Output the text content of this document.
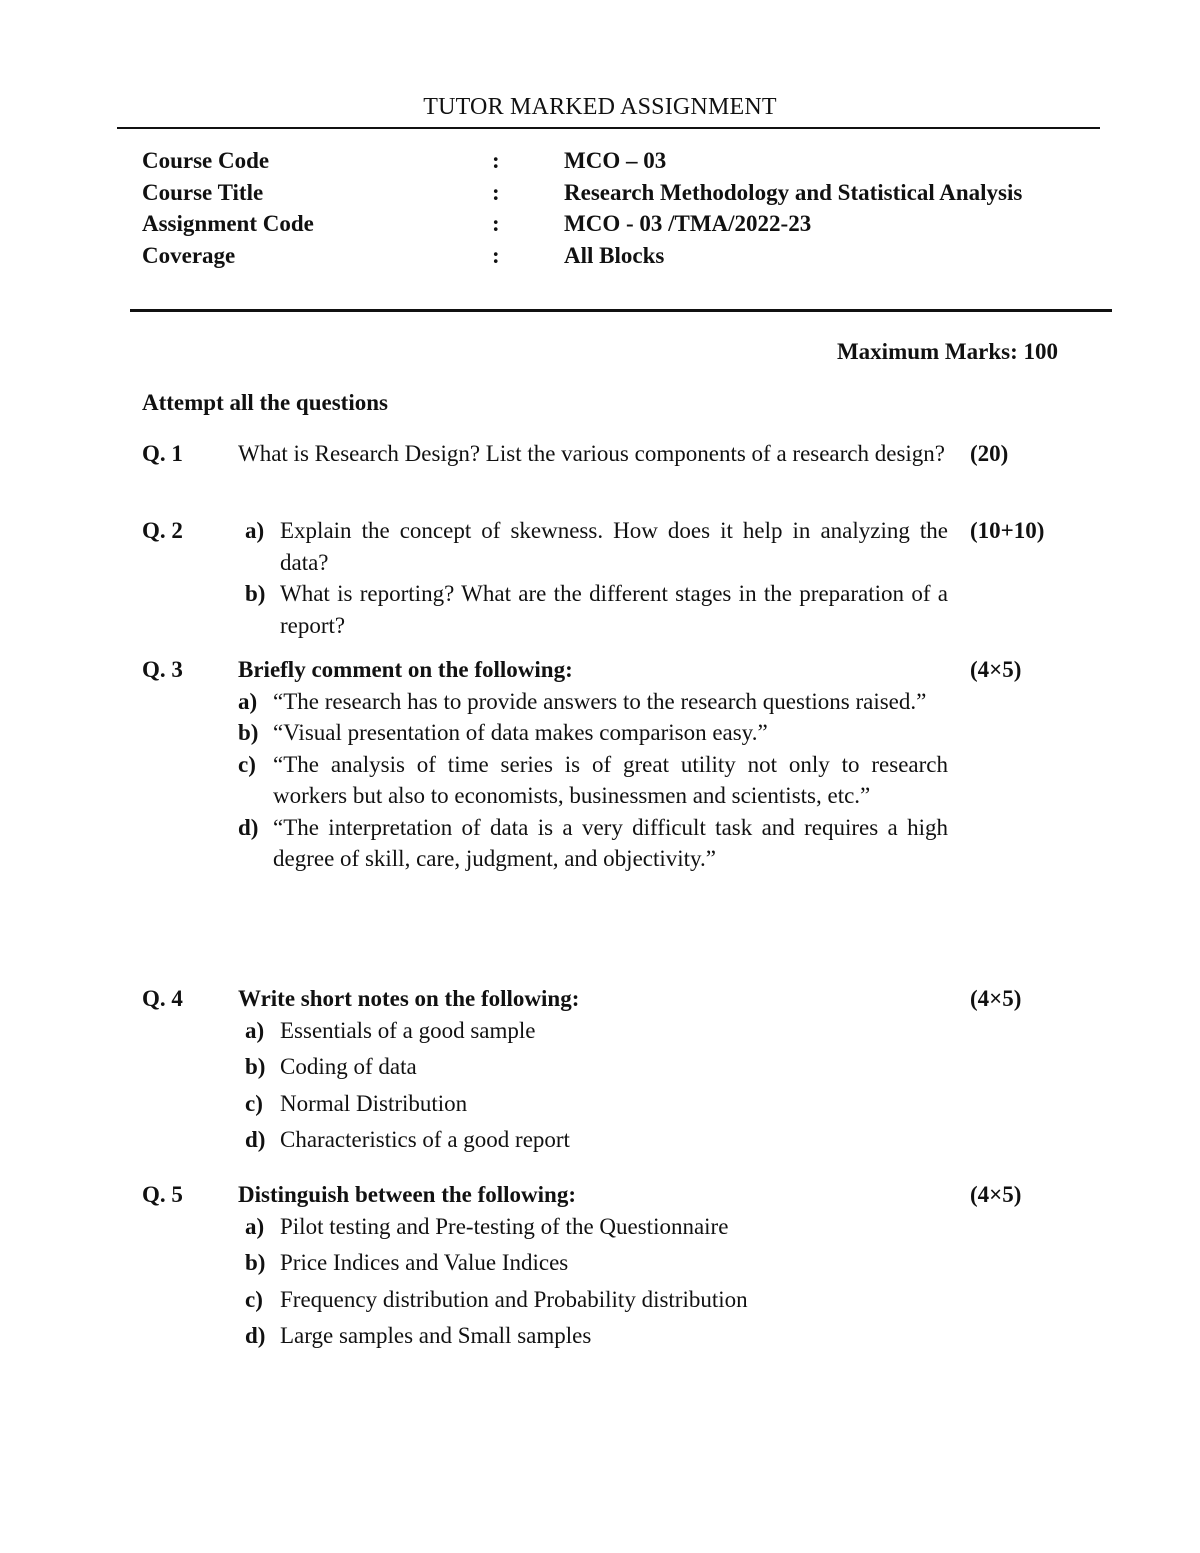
TUTOR MARKED ASSIGNMENT
Course Code	:	MCO – 03
Course Title	:	Research Methodology and Statistical Analysis
Assignment Code	:	MCO - 03 /TMA/2022-23
Coverage	:	All Blocks
Maximum Marks: 100
Attempt all the questions
Q. 1 What is Research Design? List the various components of a research design? (20)
Q. 2	a) Explain the concept of skewness. How does it help in analyzing the data?
b) What is reporting? What are the different stages in the preparation of a report?
(10+10)
Q. 3 Briefly comment on the following:

a) “The research has to provide answers to the research questions raised.”
b) “Visual presentation of data makes comparison easy.”
c) “The analysis of time series is of great utility not only to research workers but also to economists, businessmen and scientists, etc.”
d) “The interpretation of data is a very difficult task and requires a high degree of skill, care, judgment, and objectivity.”
(4×5)
Q. 4 Write short notes on the following:

a) Essentials of a good sample
b) Coding of data
c) Normal Distribution
d) Characteristics of a good report
(4×5)
Q. 5 Distinguish between the following:

a) Pilot testing and Pre-testing of the Questionnaire
b) Price Indices and Value Indices
c) Frequency distribution and Probability distribution
d) Large samples and Small samples
(4×5)
